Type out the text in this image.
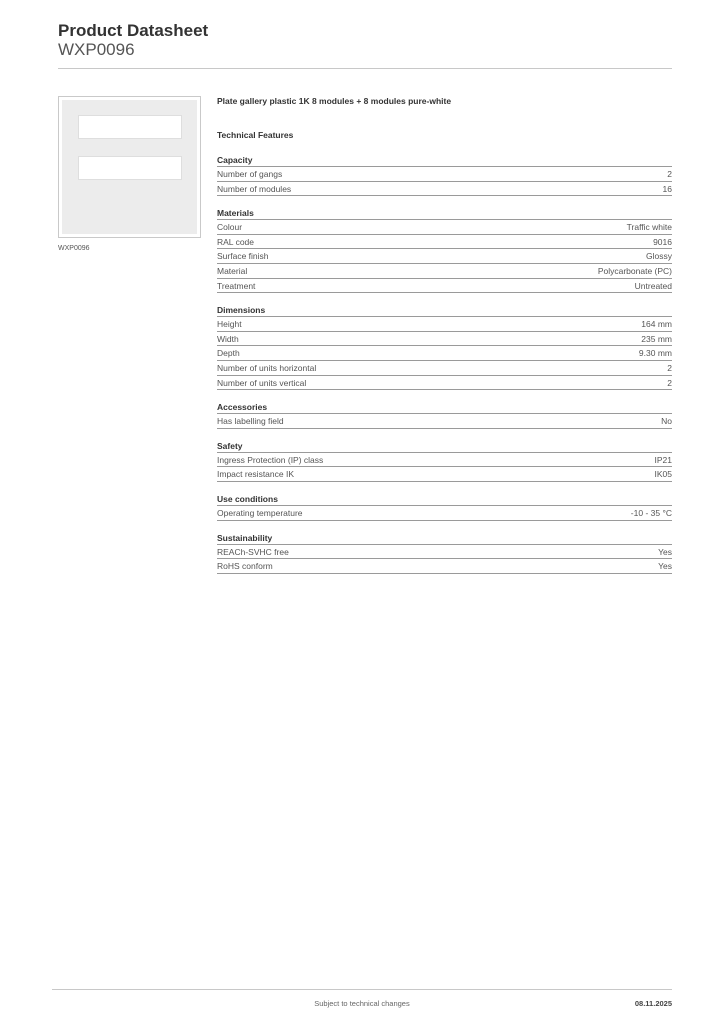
Product Datasheet
WXP0096
WXP0096
Plate gallery plastic 1K 8 modules + 8 modules pure-white
Technical Features
Capacity
Number of gangs	2
Number of modules	16
Materials
Colour	Traffic white
RAL code	9016
Surface finish	Glossy
Material	Polycarbonate (PC)
Treatment	Untreated
Dimensions
Height	164 mm
Width	235 mm
Depth	9.30 mm
Number of units horizontal	2
Number of units vertical	2
Accessories
Has labelling field	No
Safety
Ingress Protection (IP) class	IP21
Impact resistance IK	IK05
Use conditions
Operating temperature	-10 - 35 °C
Sustainability
REACh-SVHC free	Yes
RoHS conform	Yes
Subject to technical changes	08.11.2025
